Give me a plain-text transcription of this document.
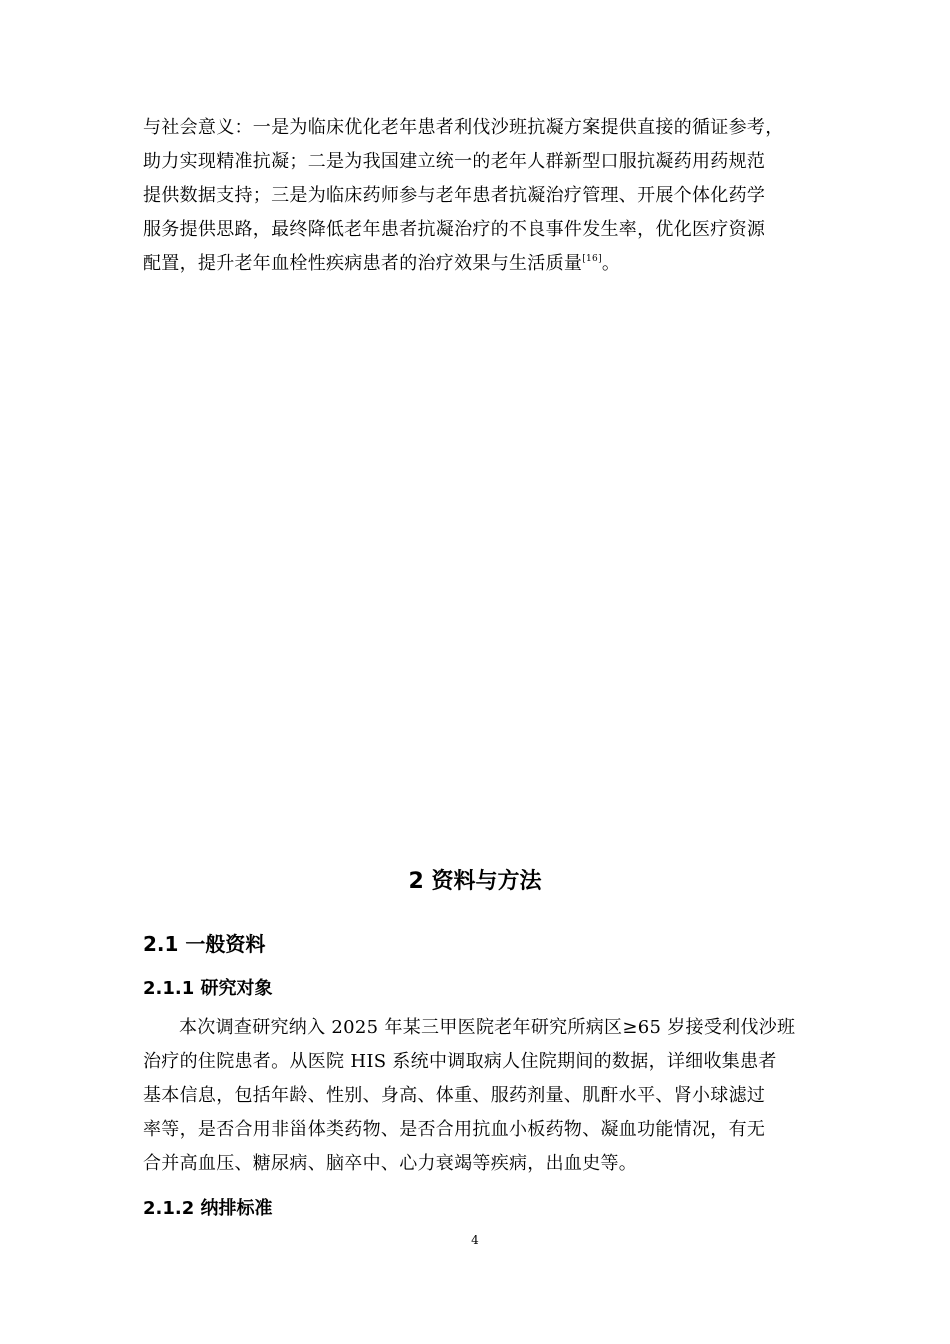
与社会意义：一是为临床优化老年患者利伐沙班抗凝方案提供直接的循证参考，
助力实现精准抗凝；二是为我国建立统一的老年人群新型口服抗凝药用药规范
提供数据支持；三是为临床药师参与老年患者抗凝治疗管理、开展个体化药学
服务提供思路，最终降低老年患者抗凝治疗的不良事件发生率，优化医疗资源
配置，提升老年血栓性疾病患者的治疗效果与生活质量[16]。
2 资料与方法
2.1 一般资料
2.1.1 研究对象
本次调查研究纳入 2025 年某三甲医院老年研究所病区≥65 岁接受利伐沙班
治疗的住院患者。从医院 HIS 系统中调取病人住院期间的数据，详细收集患者
基本信息，包括年龄、性别、身高、体重、服药剂量、肌酐水平、肾小球滤过
率等，是否合用非甾体类药物、是否合用抗血小板药物、凝血功能情况，有无
合并高血压、糖尿病、脑卒中、心力衰竭等疾病，出血史等。
2.1.2 纳排标准
4
